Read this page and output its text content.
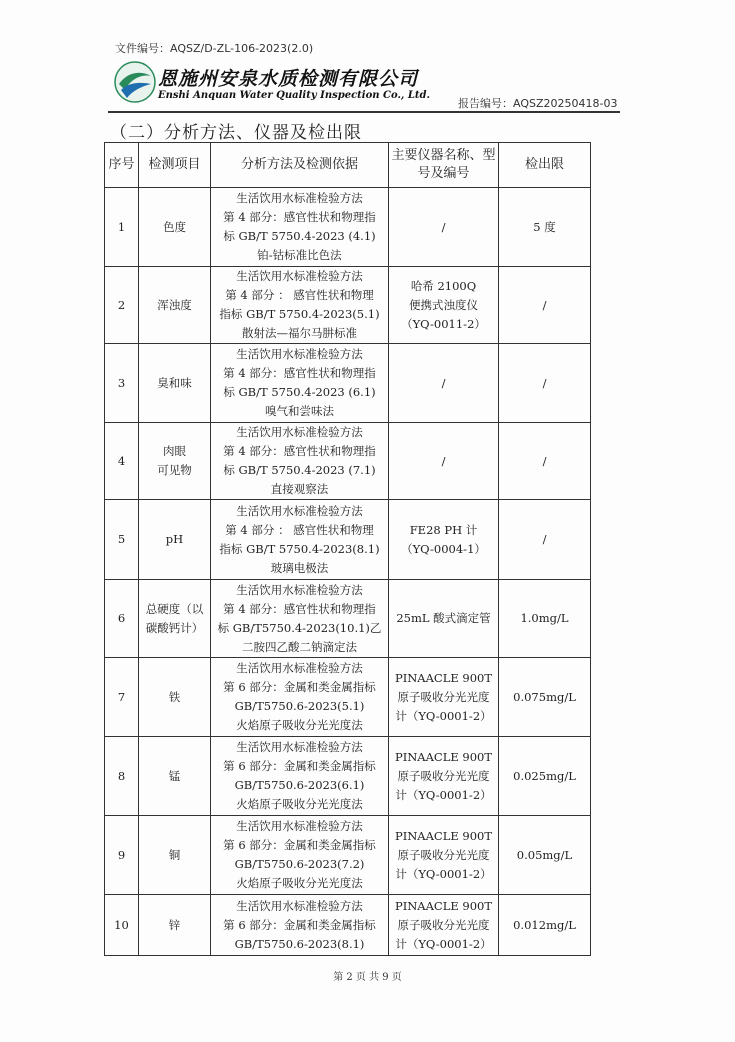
文件编号：AQSZ/D-ZL-106-2023(2.0)
恩施州安泉水质检测有限公司
Enshi Anquan Water Quality Inspection Co., Ltd.
报告编号：AQSZ20250418-03
（二）分析方法、仪器及检出限
序号	检测项目	分析方法及检测依据	主要仪器名称、型号及编号	检出限
1	色度	生活饮用水标准检验方法
第 4 部分：感官性状和物理指
标 GB/T 5750.4-2023 (4.1)
铂-钴标准比色法	/	5 度
2	浑浊度	生活饮用水标准检验方法
第 4 部分 ： 感官性状和物理
指标 GB/T 5750.4-2023(5.1)
散射法—福尔马肼标准	哈希 2100Q
便携式浊度仪
（YQ-0011-2）	/
3	臭和味	生活饮用水标准检验方法
第 4 部分：感官性状和物理指
标 GB/T 5750.4-2023 (6.1)
嗅气和尝味法	/	/
4	肉眼
可见物	生活饮用水标准检验方法
第 4 部分：感官性状和物理指
标 GB/T 5750.4-2023 (7.1)
直接观察法	/	/
5	pH	生活饮用水标准检验方法
第 4 部分 ： 感官性状和物理
指标 GB/T 5750.4-2023(8.1)
玻璃电极法	FE28 PH 计
（YQ-0004-1）	/
6	总硬度（以
碳酸钙计）	生活饮用水标准检验方法
第 4 部分：感官性状和物理指
标 GB/T5750.4-2023(10.1)乙
二胺四乙酸二钠滴定法	25mL 酸式滴定管	1.0mg/L
7	铁	生活饮用水标准检验方法
第 6 部分：金属和类金属指标
GB/T5750.6-2023(5.1)
火焰原子吸收分光光度法	PINAACLE 900T
原子吸收分光光度
计（YQ-0001-2）	0.075mg/L
8	锰	生活饮用水标准检验方法
第 6 部分：金属和类金属指标
GB/T5750.6-2023(6.1)
火焰原子吸收分光光度法	PINAACLE 900T
原子吸收分光光度
计（YQ-0001-2）	0.025mg/L
9	铜	生活饮用水标准检验方法
第 6 部分：金属和类金属指标
GB/T5750.6-2023(7.2)
火焰原子吸收分光光度法	PINAACLE 900T
原子吸收分光光度
计（YQ-0001-2）	0.05mg/L
10	锌	生活饮用水标准检验方法
第 6 部分：金属和类金属指标
GB/T5750.6-2023(8.1)	PINAACLE 900T
原子吸收分光光度
计（YQ-0001-2）	0.012mg/L
第 2 页 共 9 页
